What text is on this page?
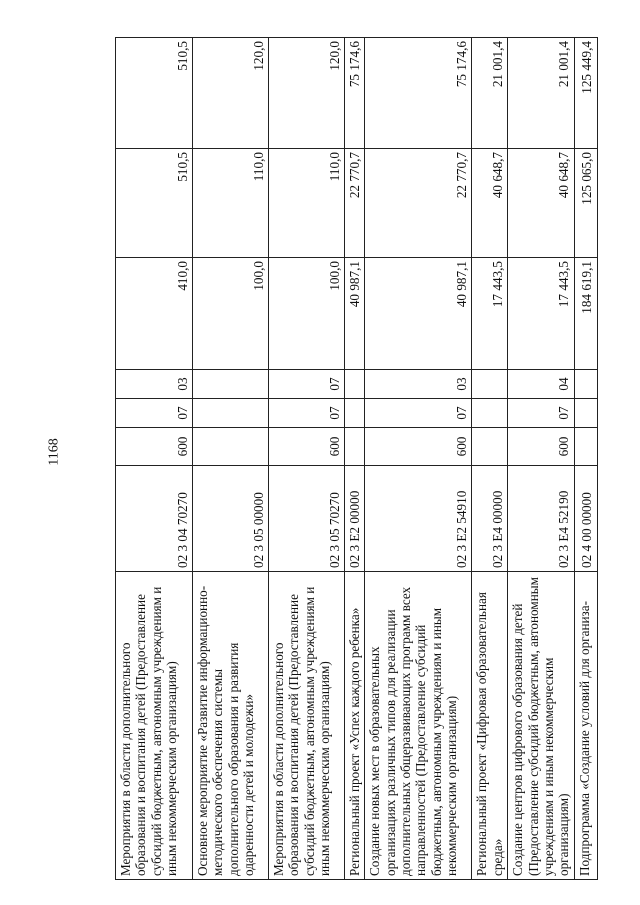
1168
Мероприятия в области дополнительного образования и воспитания детей (Предоставление субсидий бюджетным, автономным учреждениям и иным некоммерческим организациям)	02 3 04 70270	600	07	03	410,0	510,5	510,5
Основное мероприятие «Развитие информационно-методического обеспечения системы дополнительного образования и развития одаренности детей и молодежи»	02 3 05 00000				100,0	110,0	120,0
Мероприятия в области дополнительного образования и воспитания детей (Предоставление субсидий бюджетным, автономным учреждениям и иным некоммерческим организациям)	02 3 05 70270	600	07	07	100,0	110,0	120,0
Региональный проект «Успех каждого ребенка»	02 3 E2 00000				40 987,1	22 770,7	75 174,6
Создание новых мест в образовательных организациях различных типов для реализации дополнительных общеразвивающих программ всех направленностей (Предоставление субсидий бюджетным, автономным учреждениям и иным некоммерческим организациям)	02 3 E2 54910	600	07	03	40 987,1	22 770,7	75 174,6
Региональный проект «Цифровая образовательная среда»	02 3 E4 00000				17 443,5	40 648,7	21 001,4
Создание центров цифрового образования детей (Предоставление субсидий бюджетным, автономным учреждениям и иным некоммерческим организациям)	02 3 E4 52190	600	07	04	17 443,5	40 648,7	21 001,4
Подпрограмма «Создание условий для организа-	02 4 00 00000				184 619,1	125 065,0	125 449,4
